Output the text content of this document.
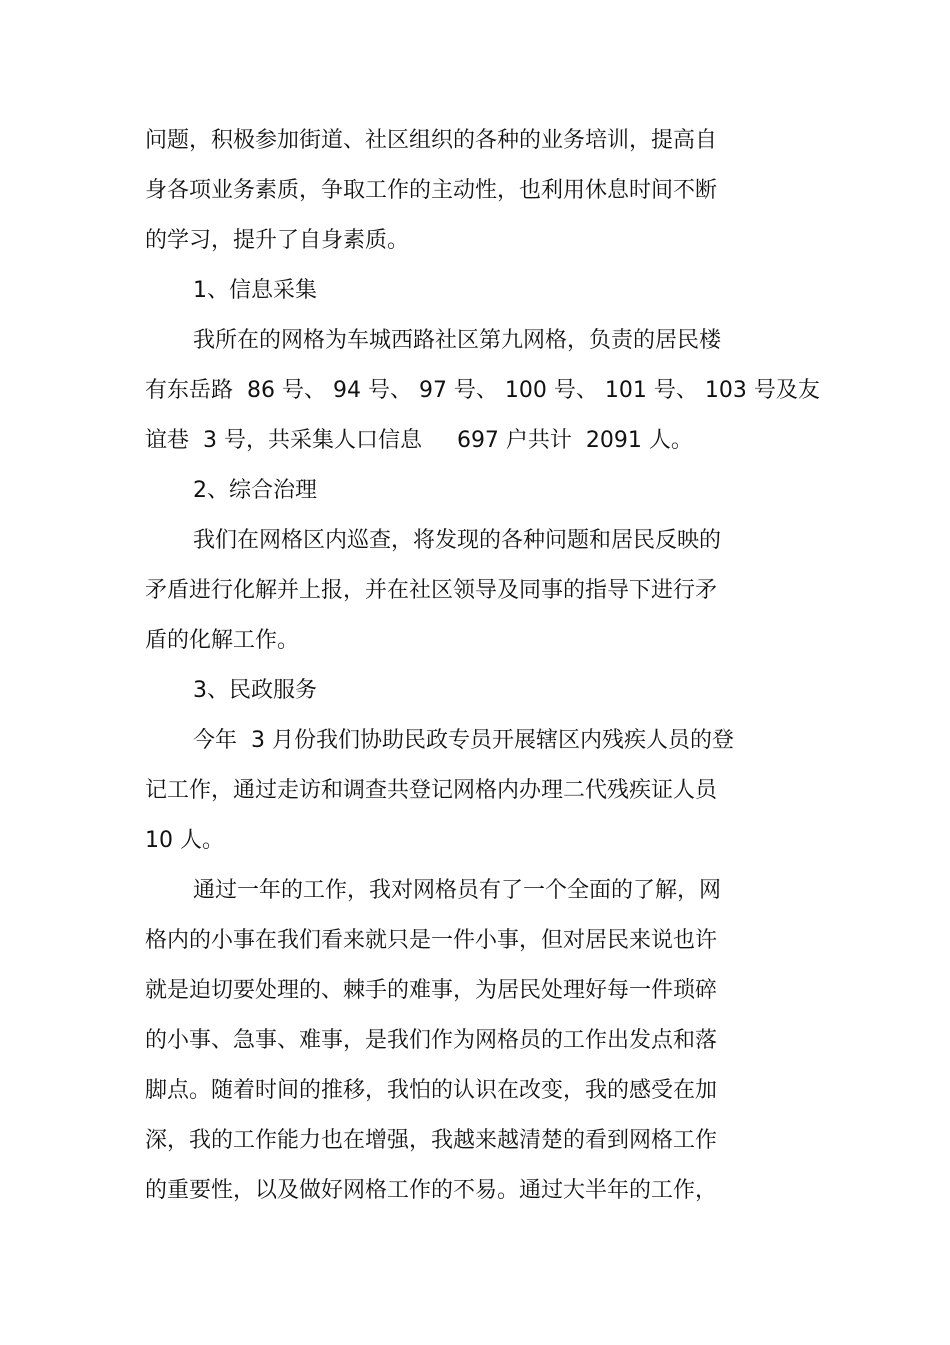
问题，积极参加街道、社区组织的各种的业务培训，提高自
身各项业务素质，争取工作的主动性，也利用休息时间不断
的学习，提升了自身素质。
1、信息采集
我所在的网格为车城西路社区第九网格，负责的居民楼
有东岳路  86 号、 94 号、 97 号、 100 号、 101 号、 103 号及友
谊巷  3 号，共采集人口信息     697 户共计  2091 人。
2、综合治理
我们在网格区内巡查，将发现的各种问题和居民反映的
矛盾进行化解并上报，并在社区领导及同事的指导下进行矛
盾的化解工作。
3、民政服务
今年  3 月份我们协助民政专员开展辖区内残疾人员的登
记工作，通过走访和调查共登记网格内办理二代残疾证人员
10 人。
通过一年的工作，我对网格员有了一个全面的了解，网
格内的小事在我们看来就只是一件小事，但对居民来说也许
就是迫切要处理的、棘手的难事，为居民处理好每一件琐碎
的小事、急事、难事，是我们作为网格员的工作出发点和落
脚点。随着时间的推移，我怕的认识在改变，我的感受在加
深，我的工作能力也在增强，我越来越清楚的看到网格工作
的重要性，以及做好网格工作的不易。通过大半年的工作，
